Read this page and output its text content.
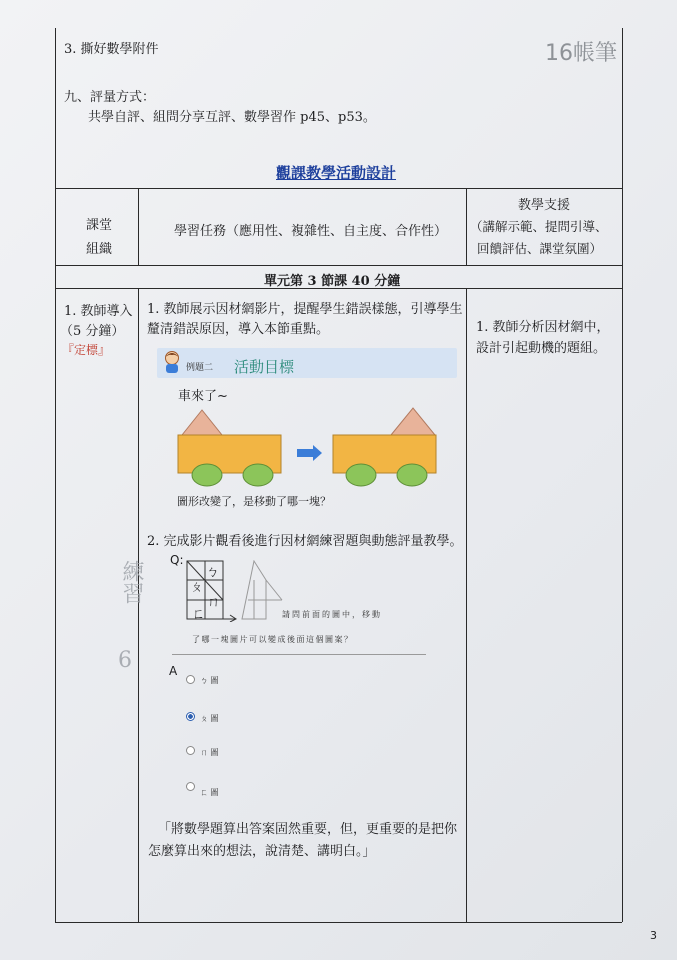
3. 撕好數學附件	16帳筆
九、評量方式：
共學自評、組問分享互評、數學習作 p45、p53。
觀課教學活動設計
課堂
組織
學習任務（應用性、複雜性、自主度、合作性）
教學支援
（講解示範、提問引導、
回饋評估、課堂氛圍）
單元第 3 節課 40 分鐘
1. 教師導入
（5 分鐘）
『定標』
練習
6
1. 教師展示因材網影片，提醒學生錯誤樣態，引導學生
釐清錯誤原因，導入本節重點。
例題二 活動目標
車來了~
圖形改變了，是移動了哪一塊？
2. 完成影片觀看後進行因材網練習題與動態評量教學。
Q:
ㄅ
ㄆ
ㄇ
ㄈ	請問前面的圖中，移動
了哪一塊圖片可以變成後面這個圖案？
A
ㄅ 圖
ㄆ 圖
ㄇ 圖
ㄈ 圖
「將數學題算出答案固然重要，但，更重要的是把你
怎麼算出來的想法，說清楚、講明白。」
1. 教師分析因材網中，
設計引起動機的題組。
3
